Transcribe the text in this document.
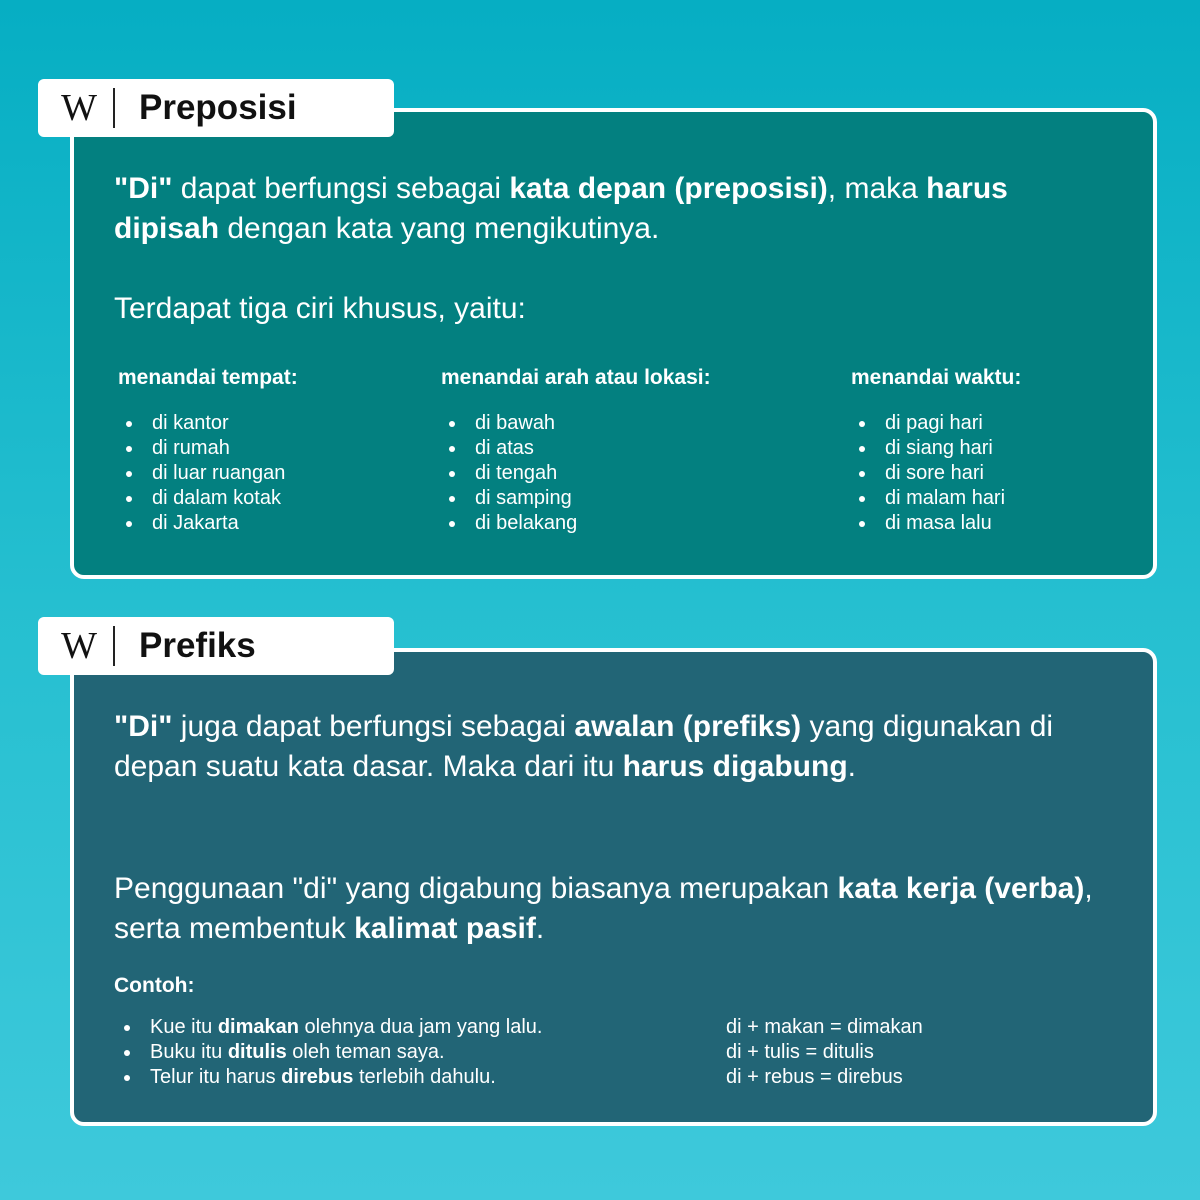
"Di" dapat berfungsi sebagai kata depan (preposisi), maka harus dipisah dengan kata yang mengikutinya.

Terdapat tiga ciri khusus, yaitu:

menandai tempat:
di kantor
di rumah
di luar ruangan
di dalam kotak
di Jakarta
menandai arah atau lokasi:
di bawah
di atas
di tengah
di samping
di belakang
menandai waktu:
di pagi hari
di siang hari
di sore hari
di malam hari
di masa lalu
W	Preposisi

"Di" juga dapat berfungsi sebagai awalan (prefiks) yang digunakan di depan suatu kata dasar. Maka dari itu harus digabung.

Penggunaan "di" yang digabung biasanya merupakan kata kerja (verba), serta membentuk kalimat pasif.

Contoh:
Kue itu dimakan olehnya dua jam yang lalu.
Buku itu ditulis oleh teman saya.
Telur itu harus direbus terlebih dahulu.
di + makan = dimakan
di + tulis = ditulis
di + rebus = direbus
W	Prefiks
